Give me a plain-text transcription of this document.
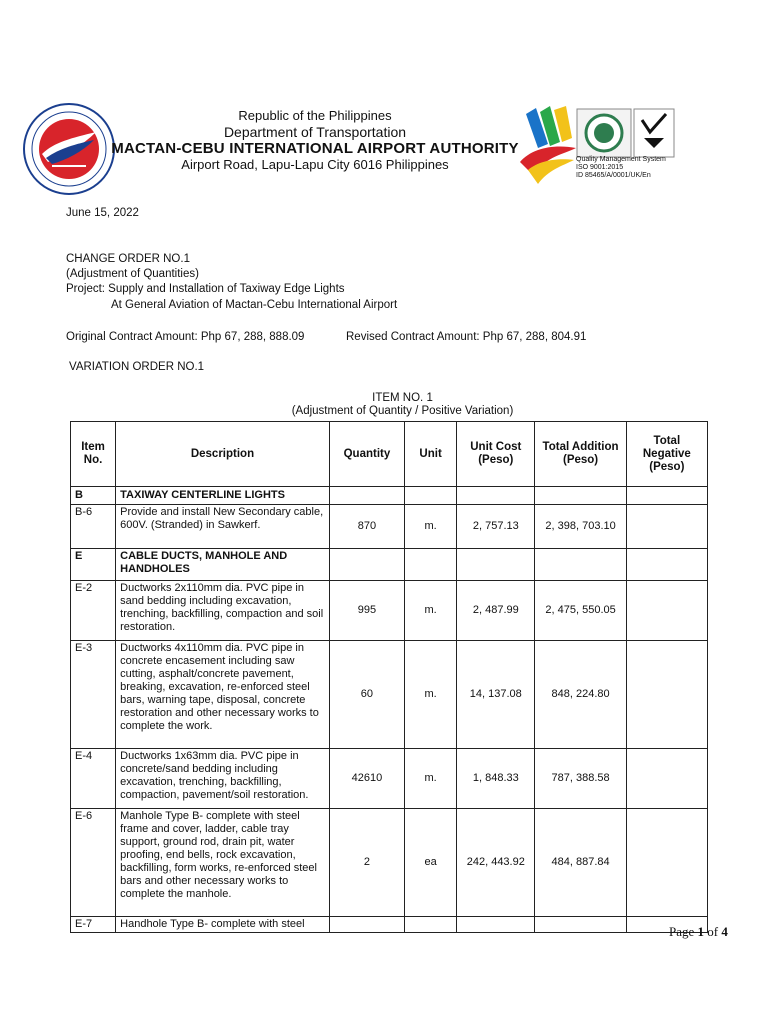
Republic of the Philippines
Department of Transportation
MACTAN-CEBU INTERNATIONAL AIRPORT AUTHORITY
Airport Road, Lapu-Lapu City 6016 Philippines	Quality Management System
ISO 9001:2015
ID 85465/A/0001/UK/En
June 15, 2022
CHANGE ORDER NO.1
(Adjustment of Quantities)
Project: Supply and Installation of Taxiway Edge Lights
At General Aviation of Mactan-Cebu International Airport
Original Contract Amount: Php 67, 288, 888.09	Revised Contract Amount: Php 67, 288, 804.91
VARIATION ORDER NO.1
ITEM NO. 1
(Adjustment of Quantity / Positive Variation)
Item No.	Description	Quantity	Unit	Unit Cost (Peso)	Total Addition (Peso)	Total Negative (Peso)
B	TAXIWAY CENTERLINE LIGHTS					
B-6	Provide and install New Secondary cable, 600V. (Stranded) in Sawkerf.	870	m.	2, 757.13	2, 398, 703.10	
E	CABLE DUCTS, MANHOLE AND HANDHOLES					
E-2	Ductworks 2x110mm dia. PVC pipe in sand bedding including excavation, trenching, backfilling, compaction and soil restoration.	995	m.	2, 487.99	2, 475, 550.05	
E-3	Ductworks 4x110mm dia. PVC pipe in concrete encasement including saw cutting, asphalt/concrete pavement, breaking, excavation, re-enforced steel bars, warning tape, disposal, concrete restoration and other necessary works to complete the work.	60	m.	14, 137.08	848, 224.80	
E-4	Ductworks 1x63mm dia. PVC pipe in concrete/sand bedding including excavation, trenching, backfilling, compaction, pavement/soil restoration.	42610	m.	1, 848.33	787, 388.58	
E-6	Manhole Type B- complete with steel frame and cover, ladder, cable tray support, ground rod, drain pit, water proofing, end bells, rock excavation, backfilling, form works, re-enforced steel bars and other necessary works to complete the manhole.	2	ea	242, 443.92	484, 887.84	
E-7	Handhole Type B- complete with steel						Page 1 of 4
